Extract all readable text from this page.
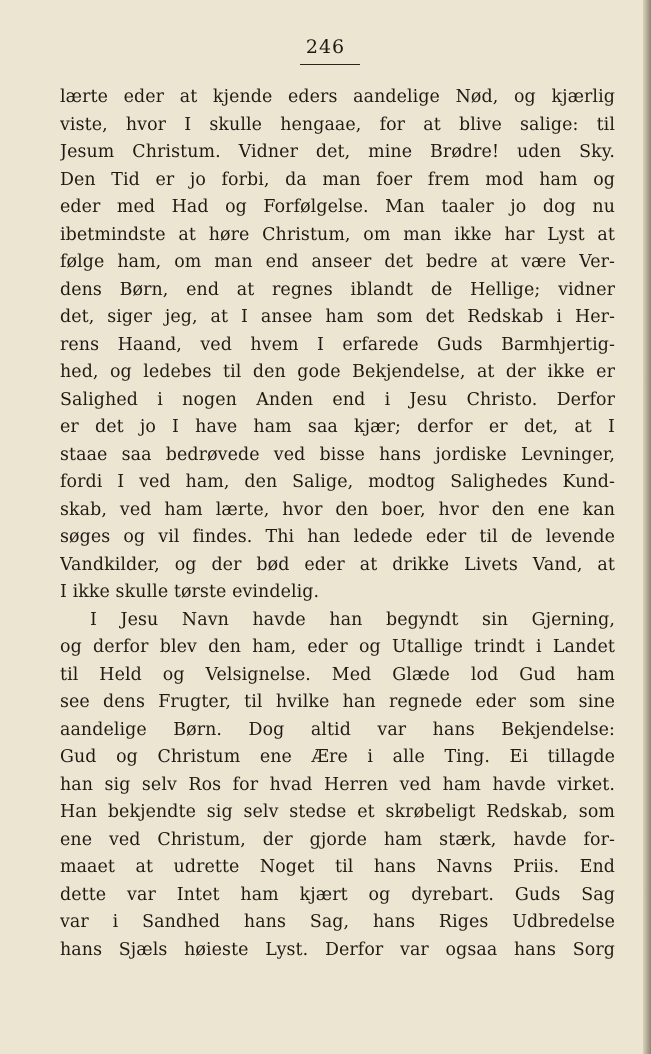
246
lærte eder at kjende eders aandelige Nød, og kjærlig
viste, hvor I skulle hengaae, for at blive salige: til
Jesum Christum. Vidner det, mine Brødre! uden Sky.
Den Tid er jo forbi, da man foer frem mod ham og
eder med Had og Forfølgelse. Man taaler jo dog nu
ibetmindste at høre Christum, om man ikke har Lyst at
følge ham, om man end anseer det bedre at være Ver-
dens Børn, end at regnes iblandt de Hellige; vidner
det, siger jeg, at I ansee ham som det Redskab i Her-
rens Haand, ved hvem I erfarede Guds Barmhjertig-
hed, og ledebes til den gode Bekjendelse, at der ikke er
Salighed i nogen Anden end i Jesu Christo. Derfor
er det jo I have ham saa kjær; derfor er det, at I
staae saa bedrøvede ved bisse hans jordiske Levninger,
fordi I ved ham, den Salige, modtog Salighedes Kund-
skab, ved ham lærte, hvor den boer, hvor den ene kan
søges og vil findes. Thi han ledede eder til de levende
Vandkilder, og der bød eder at drikke Livets Vand, at
I ikke skulle tørste evindelig.
I Jesu Navn havde han begyndt sin Gjerning,
og derfor blev den ham, eder og Utallige trindt i Landet
til Held og Velsignelse. Med Glæde lod Gud ham
see dens Frugter, til hvilke han regnede eder som sine
aandelige Børn. Dog altid var hans Bekjendelse:
Gud og Christum ene Ære i alle Ting. Ei tillagde
han sig selv Ros for hvad Herren ved ham havde virket.
Han bekjendte sig selv stedse et skrøbeligt Redskab, som
ene ved Christum, der gjorde ham stærk, havde for-
maaet at udrette Noget til hans Navns Priis. End
dette var Intet ham kjært og dyrebart. Guds Sag
var i Sandhed hans Sag, hans Riges Udbredelse
hans Sjæls høieste Lyst. Derfor var ogsaa hans Sorg
